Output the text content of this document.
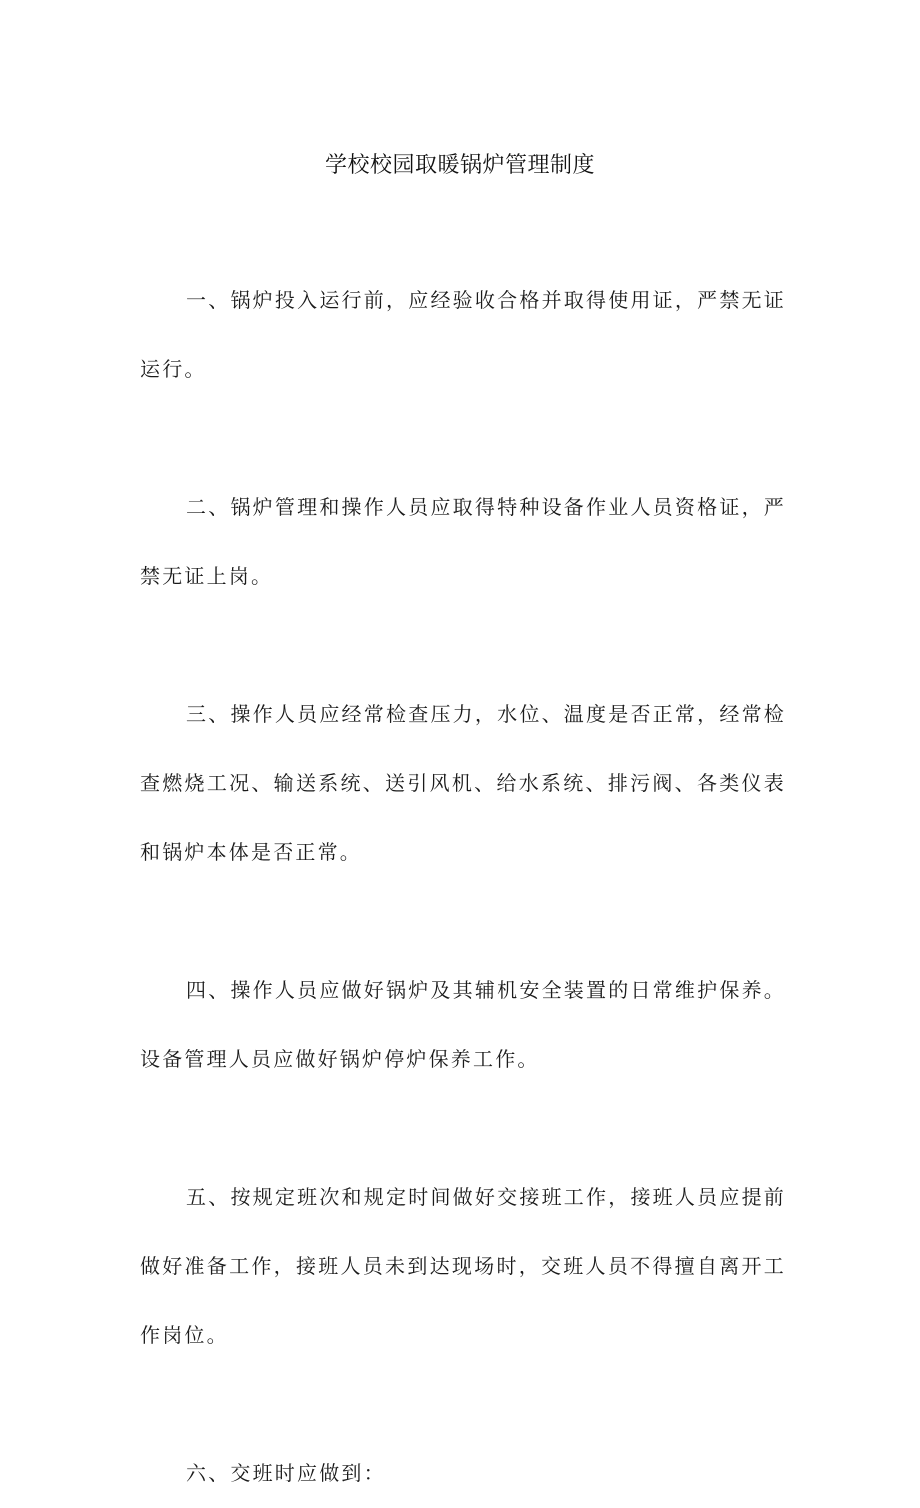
学校校园取暖锅炉管理制度

一、锅炉投入运行前，应经验收合格并取得使用证，严禁无证运行。

二、锅炉管理和操作人员应取得特种设备作业人员资格证，严禁无证上岗。

三、操作人员应经常检查压力，水位、温度是否正常，经常检查燃烧工况、输送系统、送引风机、给水系统、排污阀、各类仪表和锅炉本体是否正常。

四、操作人员应做好锅炉及其辅机安全装置的日常维护保养。设备管理人员应做好锅炉停炉保养工作。

五、按规定班次和规定时间做好交接班工作，接班人员应提前做好准备工作，接班人员未到达现场时，交班人员不得擅自离开工作岗位。

六、交班时应做到：
